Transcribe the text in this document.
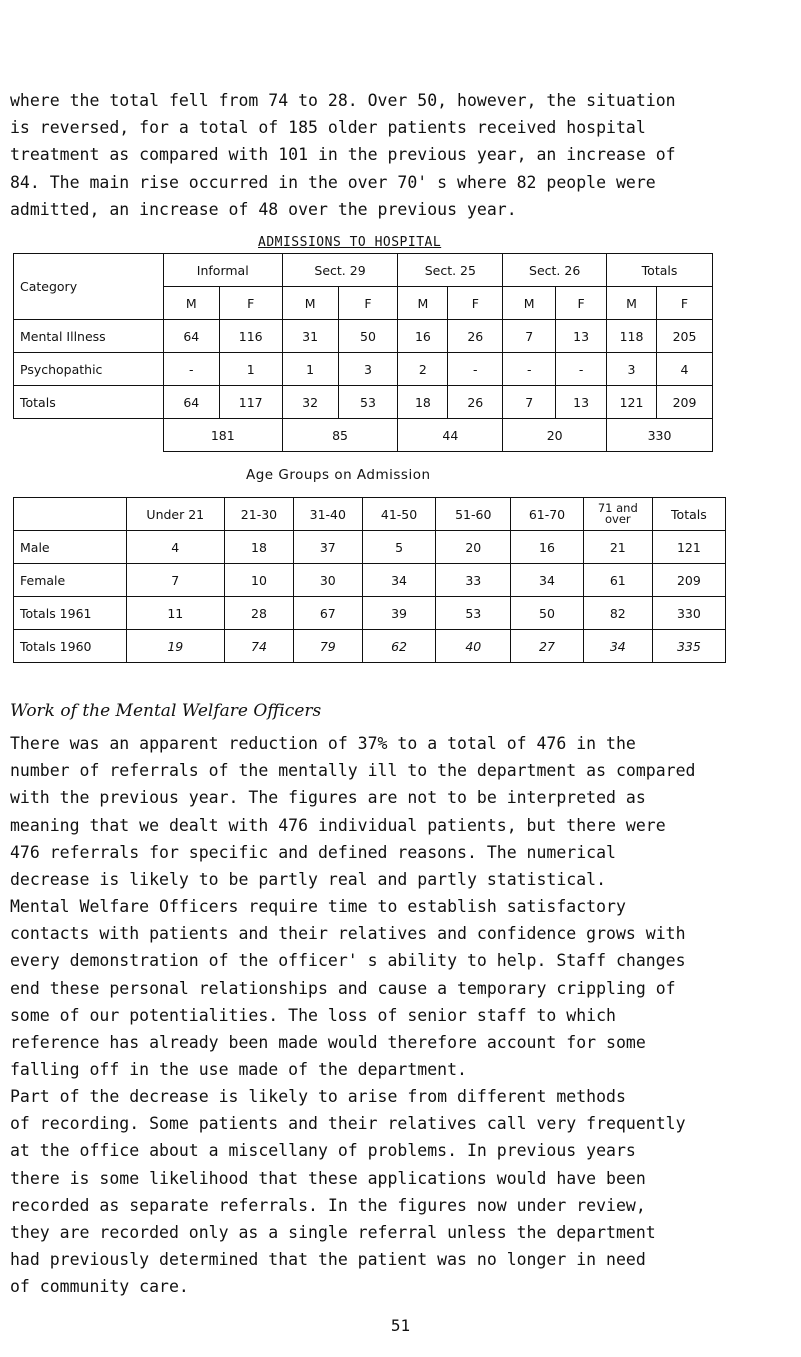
where the total fell from 74 to 28. Over 50, however, the situation
is reversed, for a total of 185 older patients received hospital
treatment as compared with 101 in the previous year, an increase of
84. The main rise occurred in the over 70' s where 82 people were
admitted, an increase of 48 over the previous year.

ADMISSIONS TO HOSPITAL

Category	Informal		Sect. 29		Sect. 25		Sect. 26		Totals	
	M	F	M	F	M	F	M	F	M	F
Mental Illness	64	116	31	50	16	26	7	13	118	205
Psychopathic	-	1	1	3	2	-	-	-	3	4
Totals	64	117	32	53	18	26	7	13	121	209
	181		85		44		20		330	

Age Groups on Admission

	Under 21	21-30	31-40	41-50	51-60	61-70	71 and over	Totals
Male	4	18	37	5	20	16	21	121
Female	7	10	30	34	33	34	61	209
Totals 1961	11	28	67	39	53	50	82	330
Totals 1960	19	74	79	62	40	27	34	335

Work of the Mental Welfare Officers

There was an apparent reduction of 37% to a total of 476 in the
number of referrals of the mentally ill to the department as compared
with the previous year. The figures are not to be interpreted as
meaning that we dealt with 476 individual patients, but there were
476 referrals for specific and defined reasons. The numerical
decrease is likely to be partly real and partly statistical.

Mental Welfare Officers require time to establish satisfactory
contacts with patients and their relatives and confidence grows with
every demonstration of the officer' s ability to help. Staff changes
end these personal relationships and cause a temporary crippling of
some of our potentialities. The loss of senior staff to which
reference has already been made would therefore account for some
falling off in the use made of the department.

Part of the decrease is likely to arise from different methods
of recording. Some patients and their relatives call very frequently
at the office about a miscellany of problems. In previous years
there is some likelihood that these applications would have been
recorded as separate referrals. In the figures now under review,
they are recorded only as a single referral unless the department
had previously determined that the patient was no longer in need
of community care.

51
